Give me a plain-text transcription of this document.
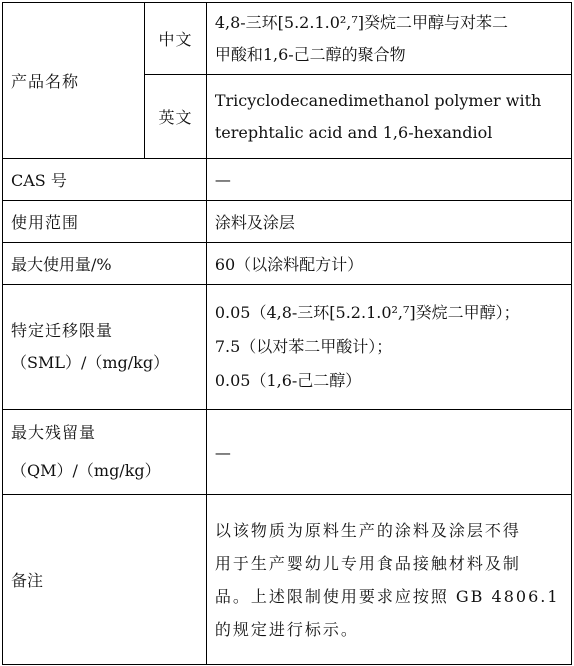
产品名称	中文	4,8-三环[5.2.1.0²,⁷]癸烷二甲醇与对苯二
甲酸和1,6-己二醇的聚合物

	英文	Tricyclodecanedimethanol polymer with
terephtalic acid and 1,6-hexandiol

CAS 号		—
使用范围		涂料及涂层
最大使用量/%		60（以涂料配方计）

特定迁移限量
（SML）/（mg/kg）		0.05（4,8-三环[5.2.1.0²,⁷]癸烷二甲醇）；
7.5（以对苯二甲酸计）；
0.05（1,6-己二醇）

最大残留量
（QM）/（mg/kg）		—
备注		以该物质为原料生产的涂料及涂层不得
用于生产婴幼儿专用食品接触材料及制
品。上述限制使用要求应按照 GB 4806.1
的规定进行标示。
